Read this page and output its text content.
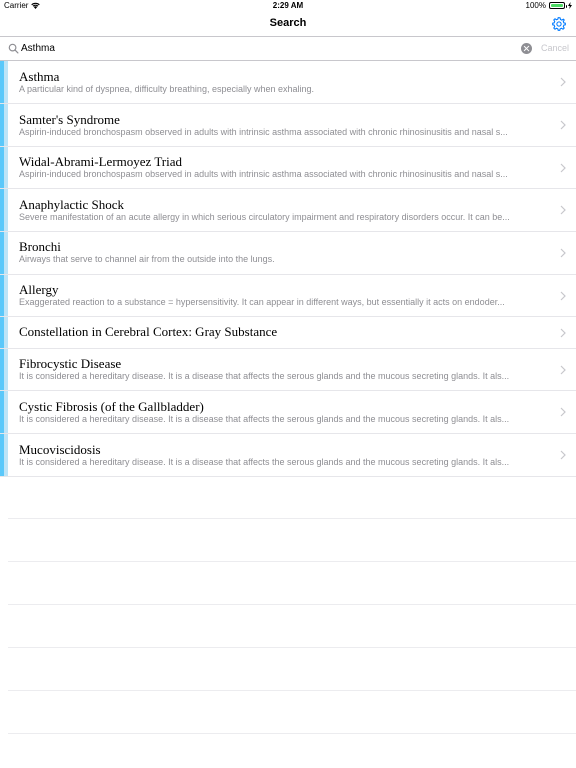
Carrier	2:29 AM	100%
Search
Asthma
Cancel
Asthma
A particular kind of dyspnea, difficulty breathing, especially when exhaling.
Samter's Syndrome
Aspirin-induced bronchospasm observed in adults with intrinsic asthma associated with chronic rhinosinusitis and nasal s...
Widal-Abrami-Lermoyez Triad
Aspirin-induced bronchospasm observed in adults with intrinsic asthma associated with chronic rhinosinusitis and nasal s...
Anaphylactic Shock
Severe manifestation of an acute allergy in which serious circulatory impairment and respiratory disorders occur. It can be...
Bronchi
Airways that serve to channel air from the outside into the lungs.
Allergy
Exaggerated reaction to a substance = hypersensitivity. It can appear in different ways, but essentially it acts on endoder...
Constellation in Cerebral Cortex: Gray Substance
Fibrocystic Disease
It is considered a hereditary disease. It is a disease that affects the serous glands and the mucous secreting glands. It als...
Cystic Fibrosis (of the Gallbladder)
It is considered a hereditary disease. It is a disease that affects the serous glands and the mucous secreting glands. It als...
Mucoviscidosis
It is considered a hereditary disease. It is a disease that affects the serous glands and the mucous secreting glands. It als...
